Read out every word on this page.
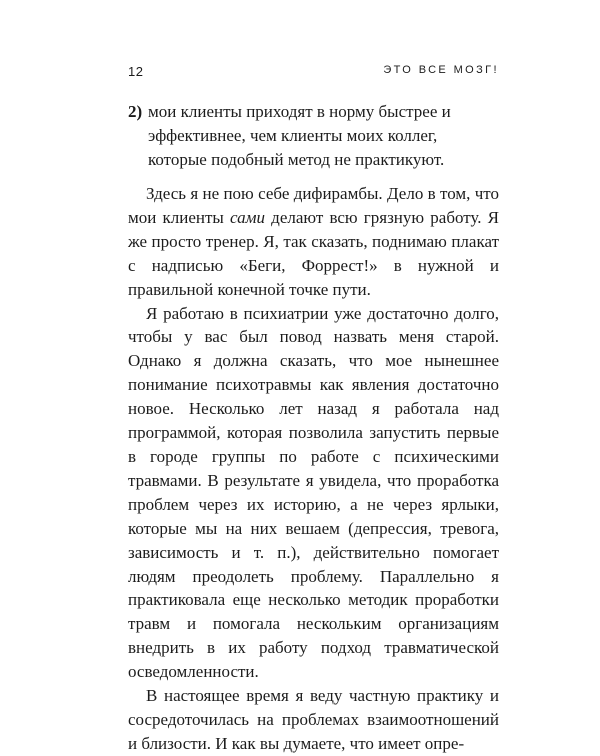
12	ЭТО ВСЕ МОЗГ!
2) мои клиенты приходят в норму быстрее и эффективнее, чем клиенты моих коллег, которые подобный метод не практикуют.

Здесь я не пою себе дифирамбы. Дело в том, что мои клиенты сами делают всю грязную работу. Я же просто тренер. Я, так сказать, поднимаю плакат с надписью «Беги, Форрест!» в нужной и правильной конечной точке пути.

Я работаю в психиатрии уже достаточно долго, чтобы у вас был повод назвать меня старой. Однако я должна сказать, что мое нынешнее понимание психотравмы как явления достаточно новое. Несколько лет назад я работала над программой, которая позволила запустить первые в городе группы по работе с психическими травмами. В результате я увидела, что проработка проблем через их историю, а не через ярлыки, которые мы на них вешаем (депрессия, тревога, зависимость и т. п.), действительно помогает людям преодолеть проблему. Параллельно я практиковала еще несколько методик проработки травм и помогала нескольким организациям внедрить в их работу подход травматической осведомленности.

В настоящее время я веду частную практику и сосредоточилась на проблемах взаимоотношений и близости. И как вы думаете, что имеет опре-
